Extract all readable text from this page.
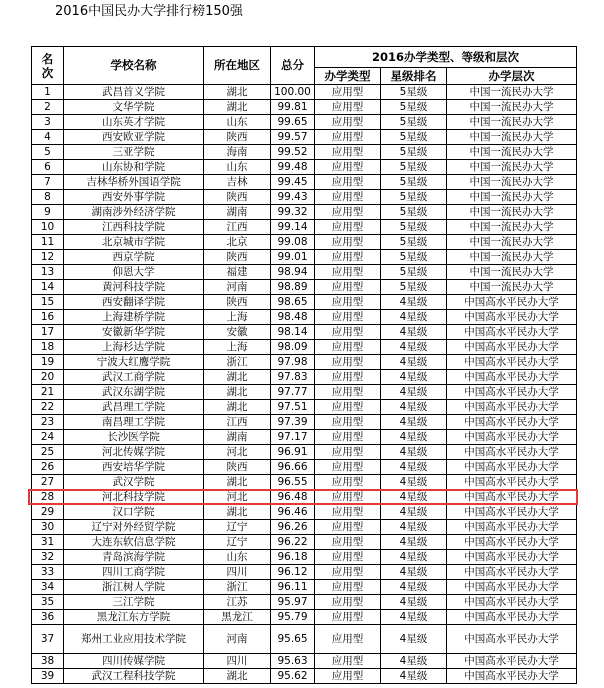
2016中国民办大学排行榜150强
名次	学校名称	所在地区	总分	2016办学类型、等级和层次		
				办学类型	星级排名	办学层次
1	武昌首义学院	湖北	100.00	应用型	5星级	中国一流民办大学
2	文华学院	湖北	99.81	应用型	5星级	中国一流民办大学
3	山东英才学院	山东	99.65	应用型	5星级	中国一流民办大学
4	西安欧亚学院	陕西	99.57	应用型	5星级	中国一流民办大学
5	三亚学院	海南	99.52	应用型	5星级	中国一流民办大学
6	山东协和学院	山东	99.48	应用型	5星级	中国一流民办大学
7	吉林华桥外国语学院	吉林	99.45	应用型	5星级	中国一流民办大学
8	西安外事学院	陕西	99.43	应用型	5星级	中国一流民办大学
9	湖南涉外经济学院	湖南	99.32	应用型	5星级	中国一流民办大学
10	江西科技学院	江西	99.14	应用型	5星级	中国一流民办大学
11	北京城市学院	北京	99.08	应用型	5星级	中国一流民办大学
12	西京学院	陕西	99.01	应用型	5星级	中国一流民办大学
13	仰恩大学	福建	98.94	应用型	5星级	中国一流民办大学
14	黄河科技学院	河南	98.89	应用型	5星级	中国一流民办大学
15	西安翻译学院	陕西	98.65	应用型	4星级	中国高水平民办大学
16	上海建桥学院	上海	98.48	应用型	4星级	中国高水平民办大学
17	安徽新华学院	安徽	98.14	应用型	4星级	中国高水平民办大学
18	上海杉达学院	上海	98.09	应用型	4星级	中国高水平民办大学
19	宁波大红鹰学院	浙江	97.98	应用型	4星级	中国高水平民办大学
20	武汉工商学院	湖北	97.83	应用型	4星级	中国高水平民办大学
21	武汉东湖学院	湖北	97.77	应用型	4星级	中国高水平民办大学
22	武昌理工学院	湖北	97.51	应用型	4星级	中国高水平民办大学
23	南昌理工学院	江西	97.39	应用型	4星级	中国高水平民办大学
24	长沙医学院	湖南	97.17	应用型	4星级	中国高水平民办大学
25	河北传媒学院	河北	96.91	应用型	4星级	中国高水平民办大学
26	西安培华学院	陕西	96.66	应用型	4星级	中国高水平民办大学
27	武汉学院	湖北	96.55	应用型	4星级	中国高水平民办大学
28	河北科技学院	河北	96.48	应用型	4星级	中国高水平民办大学
29	汉口学院	湖北	96.46	应用型	4星级	中国高水平民办大学
30	辽宁对外经贸学院	辽宁	96.26	应用型	4星级	中国高水平民办大学
31	大连东软信息学院	辽宁	96.22	应用型	4星级	中国高水平民办大学
32	青岛滨海学院	山东	96.18	应用型	4星级	中国高水平民办大学
33	四川工商学院	四川	96.12	应用型	4星级	中国高水平民办大学
34	浙江树人学院	浙江	96.11	应用型	4星级	中国高水平民办大学
35	三江学院	江苏	95.97	应用型	4星级	中国高水平民办大学
36	黑龙江东方学院	黑龙江	95.79	应用型	4星级	中国高水平民办大学
37	郑州工业应用技术学院	河南	95.65	应用型	4星级	中国高水平民办大学
38	四川传媒学院	四川	95.63	应用型	4星级	中国高水平民办大学
39	武汉工程科技学院	湖北	95.62	应用型	4星级	中国高水平民办大学
